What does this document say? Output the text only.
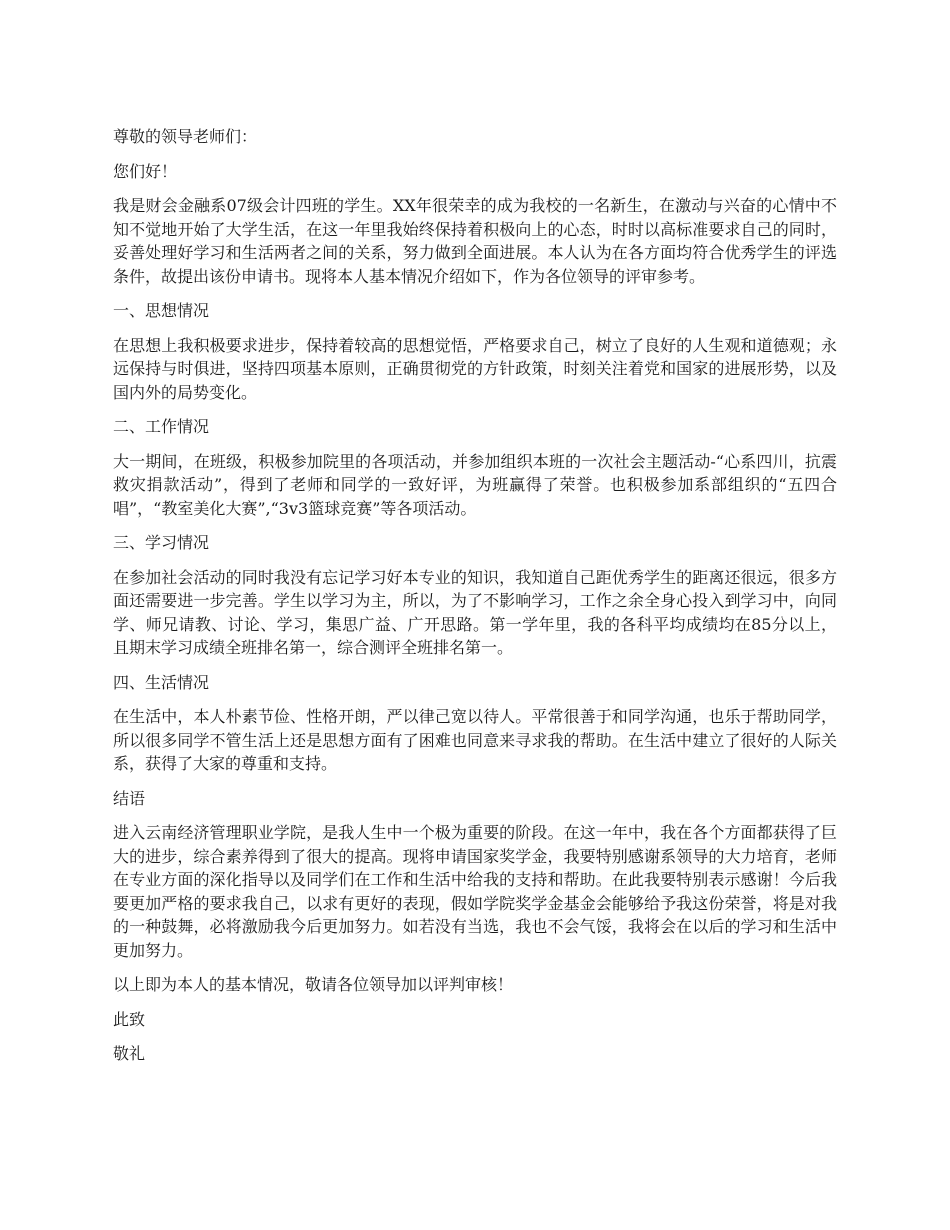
尊敬的领导老师们：

您们好！

我是财会金融系07级会计四班的学生。XX年很荣幸的成为我校的一名新生，在激动与兴奋的心情中不知不觉地开始了大学生活，在这一年里我始终保持着积极向上的心态，时时以高标准要求自己的同时，妥善处理好学习和生活两者之间的关系，努力做到全面进展。本人认为在各方面均符合优秀学生的评选条件，故提出该份申请书。现将本人基本情况介绍如下，作为各位领导的评审参考。

一、思想情况

在思想上我积极要求进步，保持着较高的思想觉悟，严格要求自己，树立了良好的人生观和道德观；永远保持与时俱进，坚持四项基本原则，正确贯彻党的方针政策，时刻关注着党和国家的进展形势，以及国内外的局势变化。

二、工作情况

大一期间，在班级，积极参加院里的各项活动，并参加组织本班的一次社会主题活动-“心系四川，抗震救灾捐款活动”，得到了老师和同学的一致好评，为班赢得了荣誉。也积极参加系部组织的“五四合唱”，“教室美化大赛”,“3v3篮球竞赛”等各项活动。

三、学习情况

在参加社会活动的同时我没有忘记学习好本专业的知识，我知道自己距优秀学生的距离还很远，很多方面还需要进一步完善。学生以学习为主，所以，为了不影响学习，工作之余全身心投入到学习中，向同学、师兄请教、讨论、学习，集思广益、广开思路。第一学年里，我的各科平均成绩均在85分以上，且期末学习成绩全班排名第一，综合测评全班排名第一。

四、生活情况

在生活中，本人朴素节俭、性格开朗，严以律己宽以待人。平常很善于和同学沟通，也乐于帮助同学，所以很多同学不管生活上还是思想方面有了困难也同意来寻求我的帮助。在生活中建立了很好的人际关系，获得了大家的尊重和支持。

结语

进入云南经济管理职业学院，是我人生中一个极为重要的阶段。在这一年中，我在各个方面都获得了巨大的进步，综合素养得到了很大的提高。现将申请国家奖学金，我要特别感谢系领导的大力培育，老师在专业方面的深化指导以及同学们在工作和生活中给我的支持和帮助。在此我要特别表示感谢！今后我要更加严格的要求我自己，以求有更好的表现，假如学院奖学金基金会能够给予我这份荣誉，将是对我的一种鼓舞，必将激励我今后更加努力。如若没有当选，我也不会气馁，我将会在以后的学习和生活中更加努力。

以上即为本人的基本情况，敬请各位领导加以评判审核！

此致

敬礼
